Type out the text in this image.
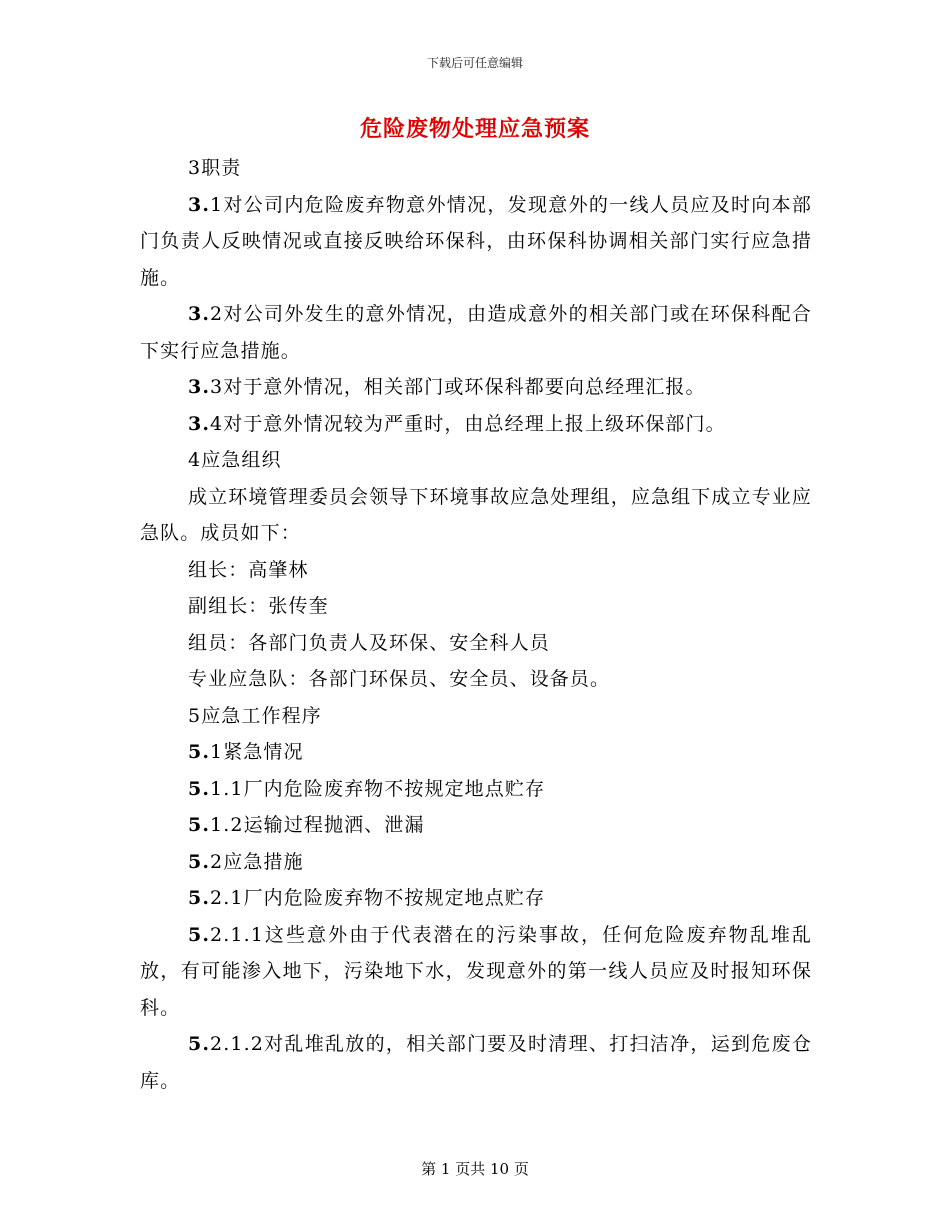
下载后可任意编辑
危险废物处理应急预案

3职责

3.1对公司内危险废弃物意外情况，发现意外的一线人员应及时向本部门负责人反映情况或直接反映给环保科，由环保科协调相关部门实行应急措施。

3.2对公司外发生的意外情况，由造成意外的相关部门或在环保科配合下实行应急措施。

3.3对于意外情况，相关部门或环保科都要向总经理汇报。

3.4对于意外情况较为严重时，由总经理上报上级环保部门。

4应急组织

成立环境管理委员会领导下环境事故应急处理组，应急组下成立专业应急队。成员如下：

组长：高肇林

副组长：张传奎

组员：各部门负责人及环保、安全科人员

专业应急队：各部门环保员、安全员、设备员。

5应急工作程序

5.1紧急情况

5.1.1厂内危险废弃物不按规定地点贮存

5.1.2运输过程抛洒、泄漏

5.2应急措施

5.2.1厂内危险废弃物不按规定地点贮存

5.2.1.1这些意外由于代表潜在的污染事故，任何危险废弃物乱堆乱放，有可能渗入地下，污染地下水，发现意外的第一线人员应及时报知环保科。

5.2.1.2对乱堆乱放的，相关部门要及时清理、打扫洁净，运到危废仓库。

第 1 页共 10 页
